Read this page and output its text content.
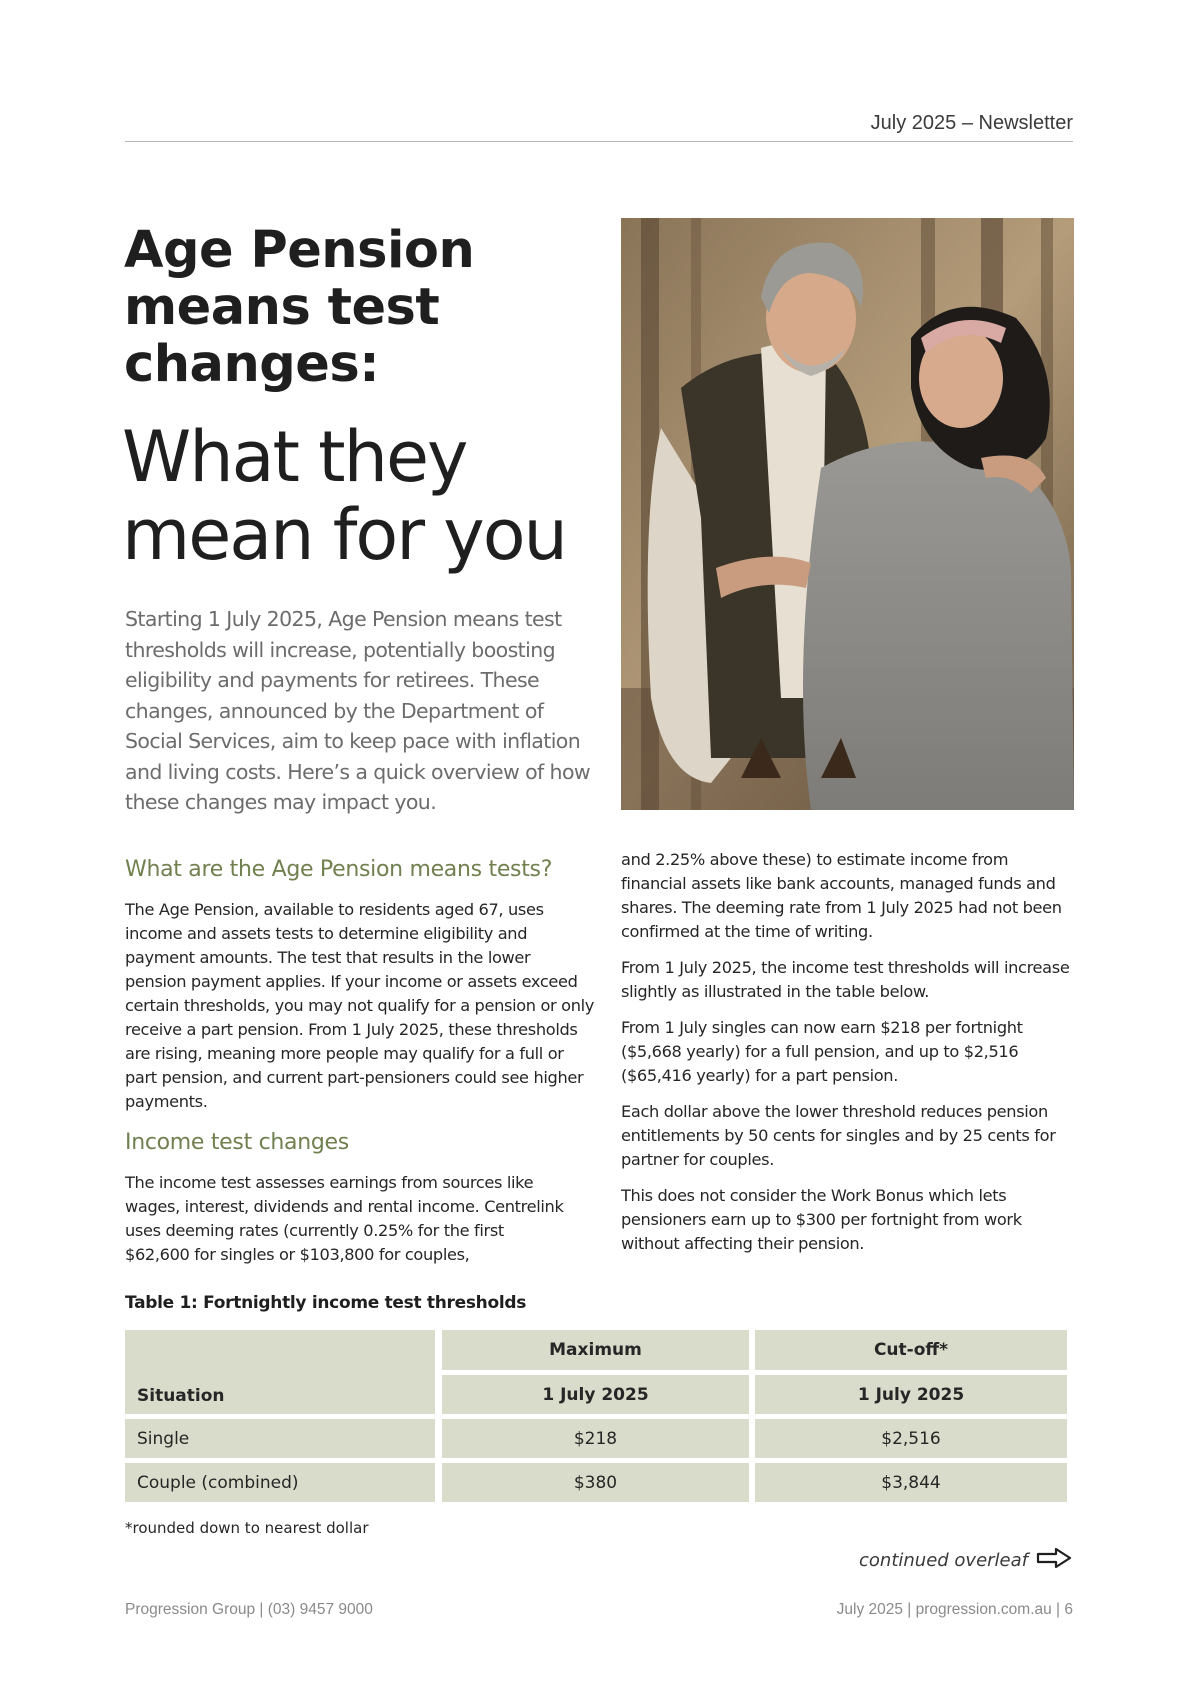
July 2025 – Newsletter
Age Pension
means test
changes:
What they
mean for you
Starting 1 July 2025, Age Pension means test thresholds will increase, potentially boosting eligibility and payments for retirees. These changes, announced by the Department of Social Services, aim to keep pace with inflation and living costs. Here’s a quick overview of how these changes may impact you.
What are the Age Pension means tests?
The Age Pension, available to residents aged 67, uses income and assets tests to determine eligibility and payment amounts. The test that results in the lower pension payment applies. If your income or assets exceed certain thresholds, you may not qualify for a pension or only receive a part pension. From 1 July 2025, these thresholds are rising, meaning more people may qualify for a full or part pension, and current part-pensioners could see higher payments.
Income test changes
The income test assesses earnings from sources like wages, interest, dividends and rental income. Centrelink uses deeming rates (currently 0.25% for the first $62,600 for singles or $103,800 for couples,

and 2.25% above these) to estimate income from financial assets like bank accounts, managed funds and shares. The deeming rate from 1 July 2025 had not been confirmed at the time of writing.

From 1 July 2025, the income test thresholds will increase slightly as illustrated in the table below.

From 1 July singles can now earn $218 per fortnight ($5,668 yearly) for a full pension, and up to $2,516 ($65,416 yearly) for a part pension.

Each dollar above the lower threshold reduces pension entitlements by 50 cents for singles and by 25 cents for partner for couples.

This does not consider the Work Bonus which lets pensioners earn up to $300 per fortnight from work without affecting their pension.

Table 1: Fortnightly income test thresholds
Situation
Maximum	Cut-off*
1 July 2025	1 July 2025
Single	$218	$2,516
Couple (combined)	$380	$3,844
*rounded down to nearest dollar
continued overleaf
Progression Group | (03) 9457 9000	July 2025 | progression.com.au | 6
